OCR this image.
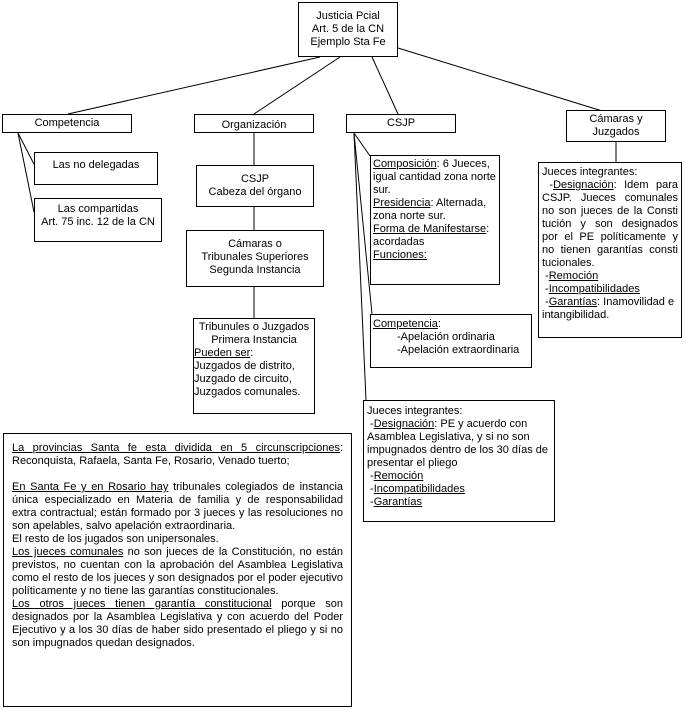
Justicia Pcial
Art. 5 de la CN
Ejemplo Sta Fe
Competencia
Las no delegadas
Las compartidas
Art. 75 inc. 12 de la CN
Organización
CSJP
Cabeza del órgano
Cámaras o
Tribunales Superiores
Segunda Instancia
Tribunules o Juzgados
Primera Instancia
Pueden ser:
Juzgados de distrito,
Juzgado de circuito,
Juzgados comunales.
CSJP
Composición: 6 Jueces, igual cantidad zona norte sur.
Presidencia: Alternada, zona norte sur.
Forma de Manifestarse: acordadas
Funciones:
Competencia:
-Apelación ordinaria
-Apelación extraordinaria
Jueces integrantes:
-Designación: PE y acuerdo con Asamblea Legislativa, y si no son impugnados dentro de los 30 días de presentar el pliego
-Remoción
-Incompatibilidades
-Garantías
Cámaras y
Juzgados
Jueces integrantes:
-Designación: Idem para CSJP. Jueces comunales no son jueces de la Consti tución y son designados por el PE políticamente y no tienen garantías consti tucionales.
-Remoción
-Incompatibilidades
-Garantías: Inamovilidad e intangibilidad.
La provincias Santa fe esta dividida en 5 circunscripciones: Reconquista, Rafaela, Santa Fe, Rosario, Venado tuerto;
En Santa Fe y en Rosario hay tribunales colegiados de instancia única especializado en Materia de familia y de responsabilidad extra contractual; están formado por 3 jueces y las resoluciones no son apelables, salvo apelación extraordinaria.
El resto de los jugados son unipersonales.
Los jueces comunales no son jueces de la Constitución, no están previstos, no cuentan con la aprobación del Asamblea Legislativa como el resto de los jueces y son designados por el poder ejecutivo políticamente y no tiene las garantías constitucionales.
Los otros jueces tienen garantía constitucional porque son designados por la Asamblea Legislativa y con acuerdo del Poder Ejecutivo y a los 30 días de haber sido presentado el pliego y si no son impugnados quedan designados.
